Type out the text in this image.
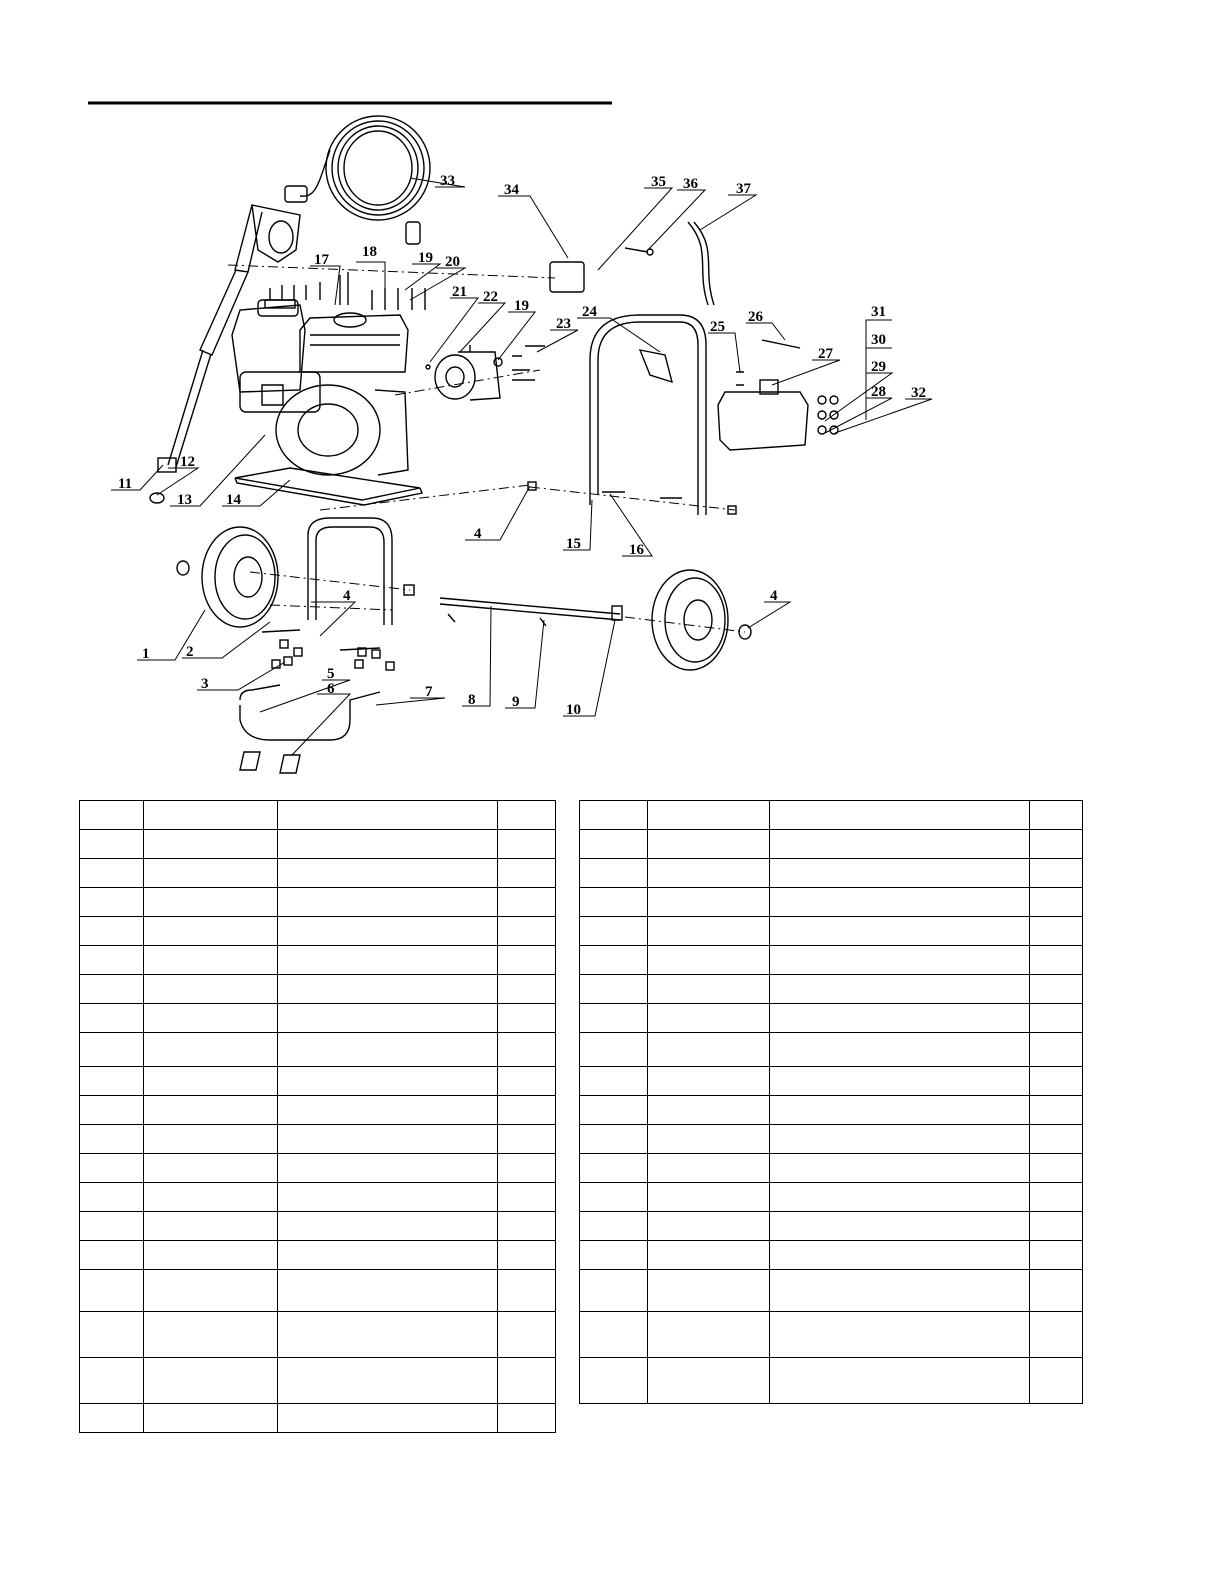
1 2
3
4
4
4
5
6	7 8 9	10
11
12
13 14
15	16
17 18	19
19
20
21 22
23
24
25
26
27
28
29
30
31
32
33
34	35 36	37
